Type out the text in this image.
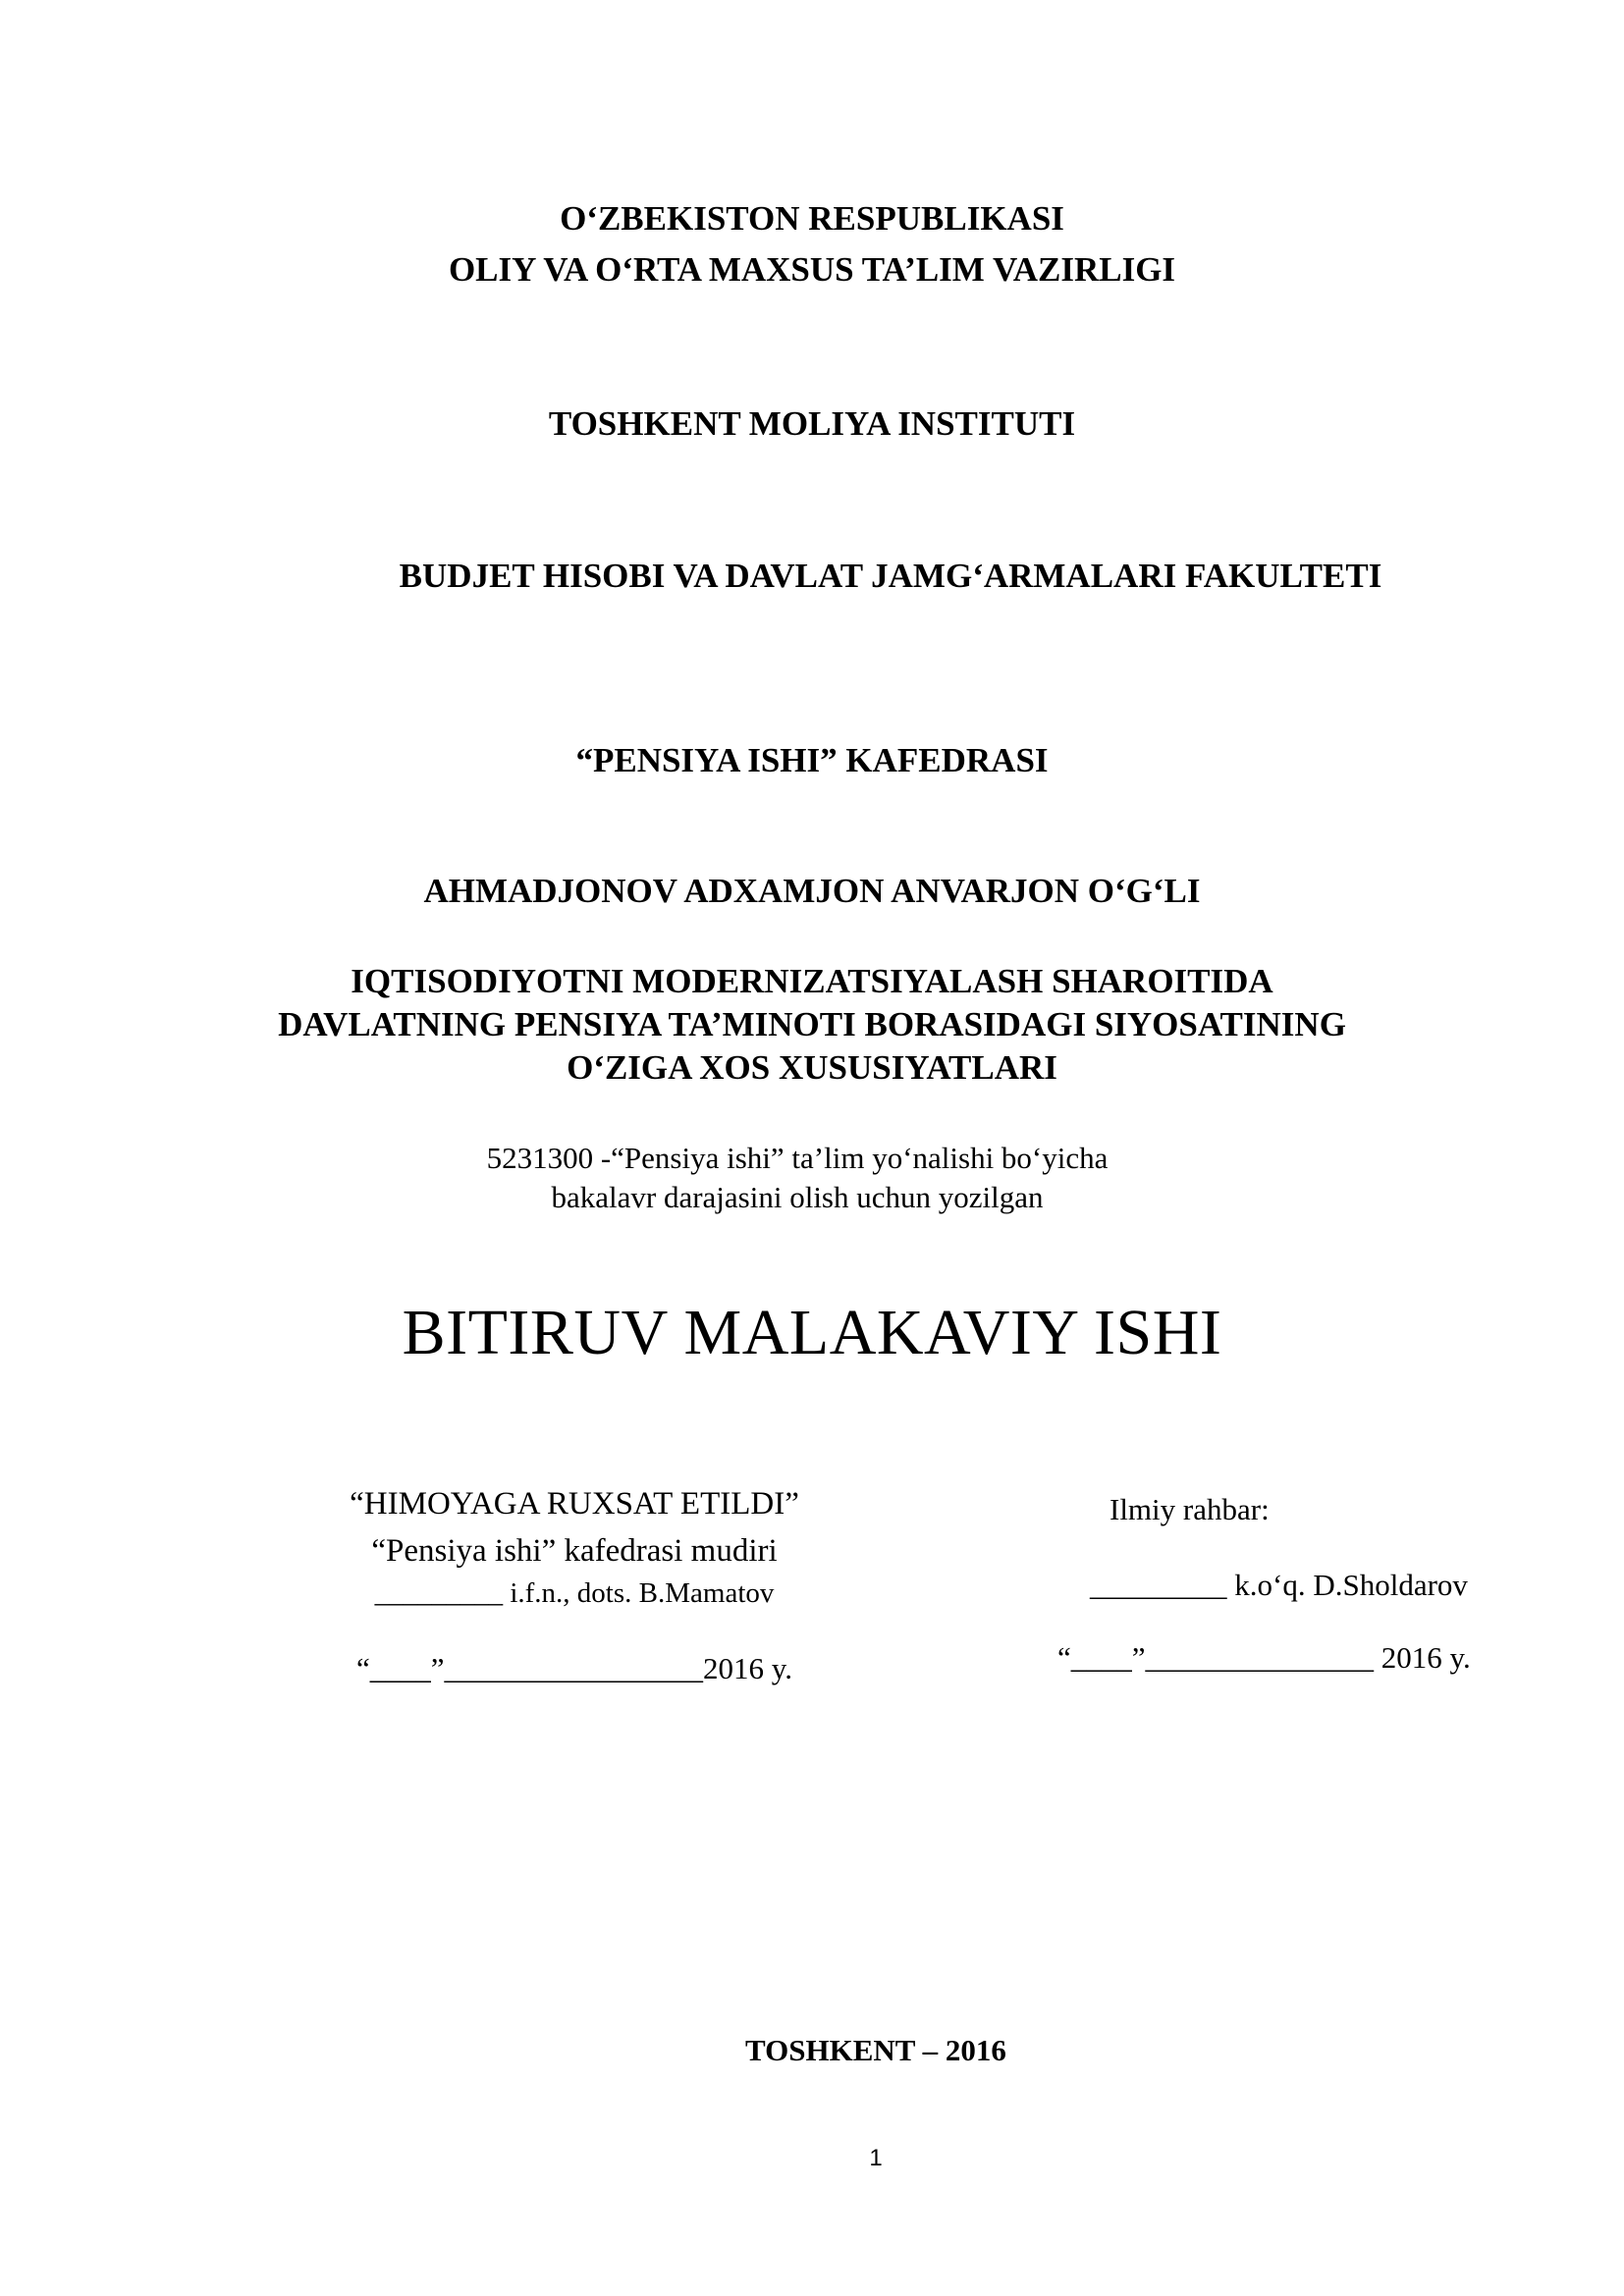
O‘ZBEKISTON RESPUBLIKASI
OLIY VA O‘RTA MAXSUS TA’LIM VAZIRLIGI
TOSHKENT MOLIYA INSTITUTI
BUDJET HISOBI VA DAVLAT JAMG‘ARMALARI FAKULTETI
“PENSIYA ISHI” KAFEDRASI
AHMADJONOV ADXAMJON ANVARJON O‘G‘LI
IQTISODIYOTNI MODERNIZATSIYALASH SHAROITIDA
DAVLATNING PENSIYA TA’MINOTI BORASIDAGI SIYOSATINING
O‘ZIGA XOS XUSUSIYATLARI
5231300 -“Pensiya ishi” ta’lim yo‘nalishi bo‘yicha
bakalavr darajasini olish uchun yozilgan
BITIRUV MALAKAVIY ISHI
“HIMOYAGA RUXSAT ETILDI”
“Pensiya ishi” kafedrasi mudiri
_________ i.f.n., dots. B.Mamatov
“____”_________________2016 y.
Ilmiy rahbar:
_________ k.o‘q. D.Sholdarov
“____”_______________ 2016 y.
TOSHKENT – 2016
1
